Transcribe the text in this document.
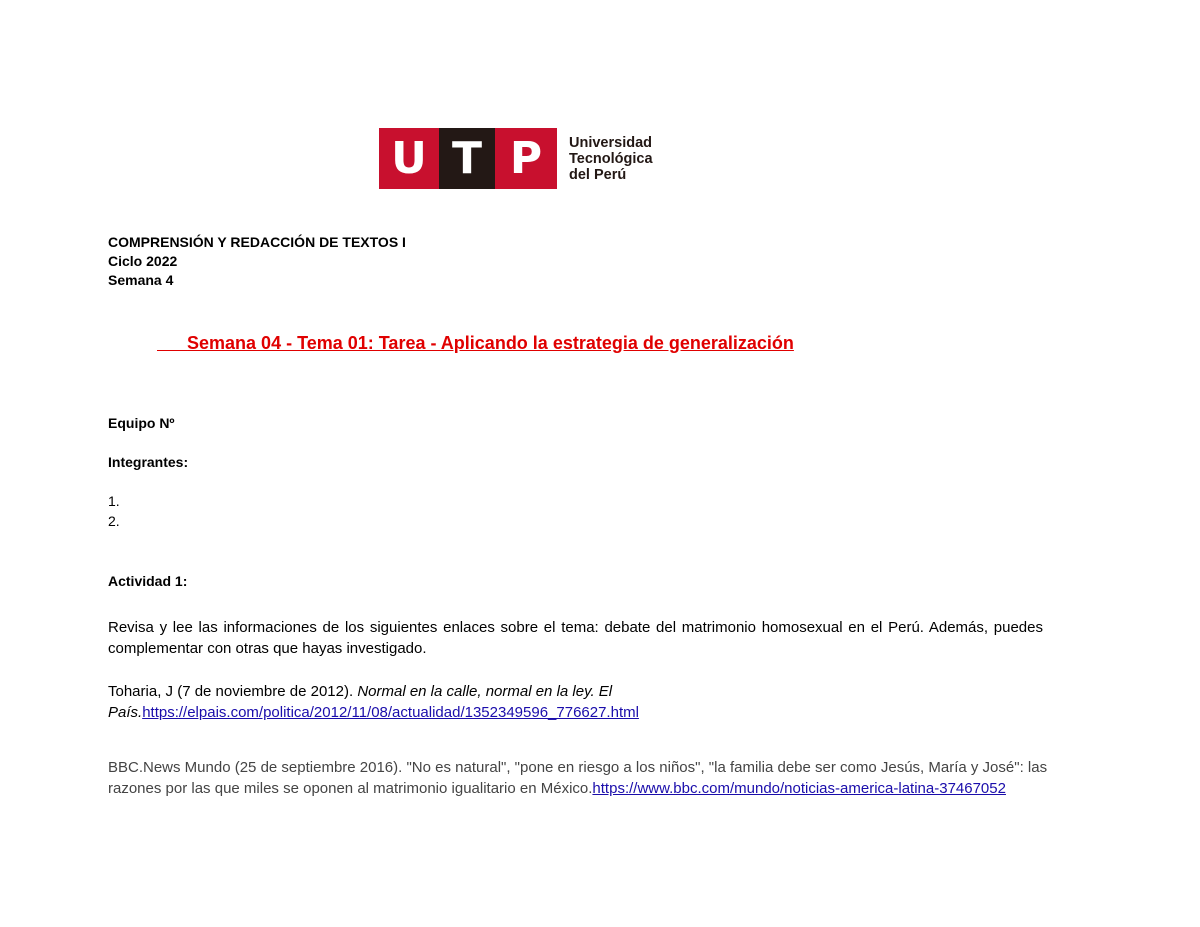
U T P	Universidad
Tecnológica
del Perú
COMPRENSIÓN Y REDACCIÓN DE TEXTOS I
Ciclo 2022
Semana 4
Semana 04 - Tema 01: Tarea - Aplicando la estrategia de generalización
Equipo Nº
Integrantes:
1.
2.
Actividad 1:
Revisa y lee las informaciones de los siguientes enlaces sobre el tema: debate del matrimonio homosexual en el Perú. Además, puedes complementar con otras que hayas investigado.
Toharia, J (7 de noviembre de 2012). Normal en la calle, normal en la ley. El País.https://elpais.com/politica/2012/11/08/actualidad/1352349596_776627.html
BBC.News Mundo (25 de septiembre 2016). "No es natural", "pone en riesgo a los niños", "la familia debe ser como Jesús, María y José": las razones por las que miles se oponen al matrimonio igualitario en México.https://www.bbc.com/mundo/noticias-america-latina-37467052
